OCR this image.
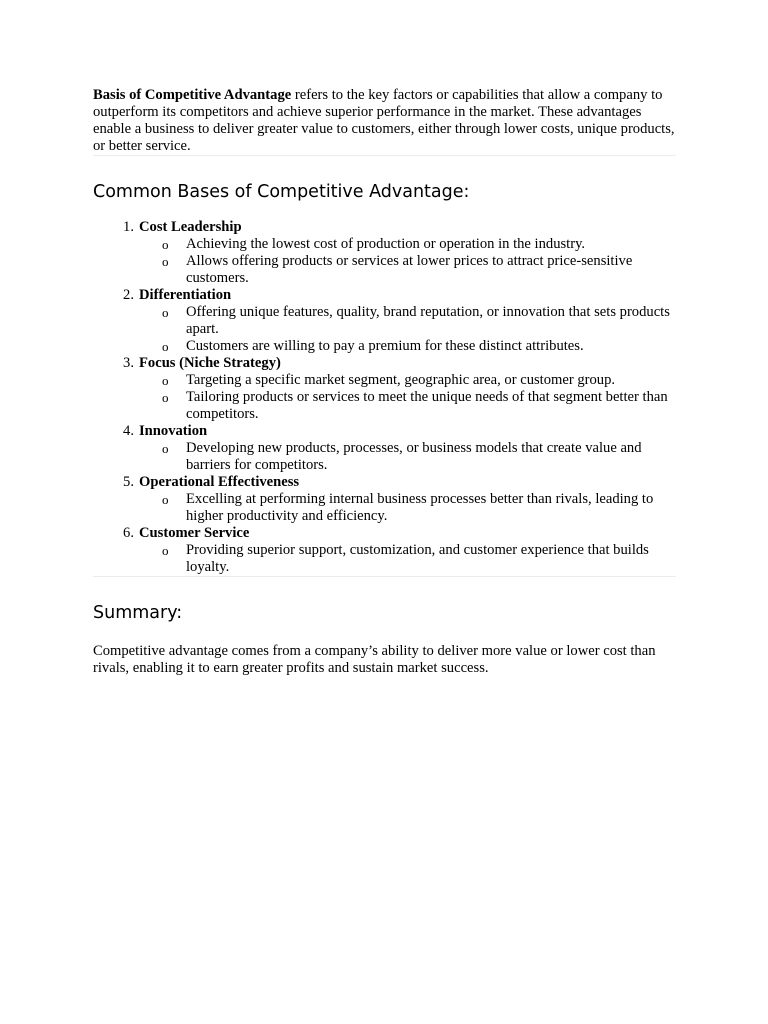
Basis of Competitive Advantage refers to the key factors or capabilities that allow a company to outperform its competitors and achieve superior performance in the market. These advantages enable a business to deliver greater value to customers, either through lower costs, unique products, or better service.

Common Bases of Competitive Advantage:
1. Cost Leadership
o Achieving the lowest cost of production or operation in the industry.
o Allows offering products or services at lower prices to attract price-sensitive customers.
2. Differentiation
o Offering unique features, quality, brand reputation, or innovation that sets products apart.
o Customers are willing to pay a premium for these distinct attributes.
3. Focus (Niche Strategy)
o Targeting a specific market segment, geographic area, or customer group.
o Tailoring products or services to meet the unique needs of that segment better than competitors.
4. Innovation
o Developing new products, processes, or business models that create value and barriers for competitors.
5. Operational Effectiveness
o Excelling at performing internal business processes better than rivals, leading to higher productivity and efficiency.
6. Customer Service
o Providing superior support, customization, and customer experience that builds loyalty.
Summary:

Competitive advantage comes from a company’s ability to deliver more value or lower cost than rivals, enabling it to earn greater profits and sustain market success.
